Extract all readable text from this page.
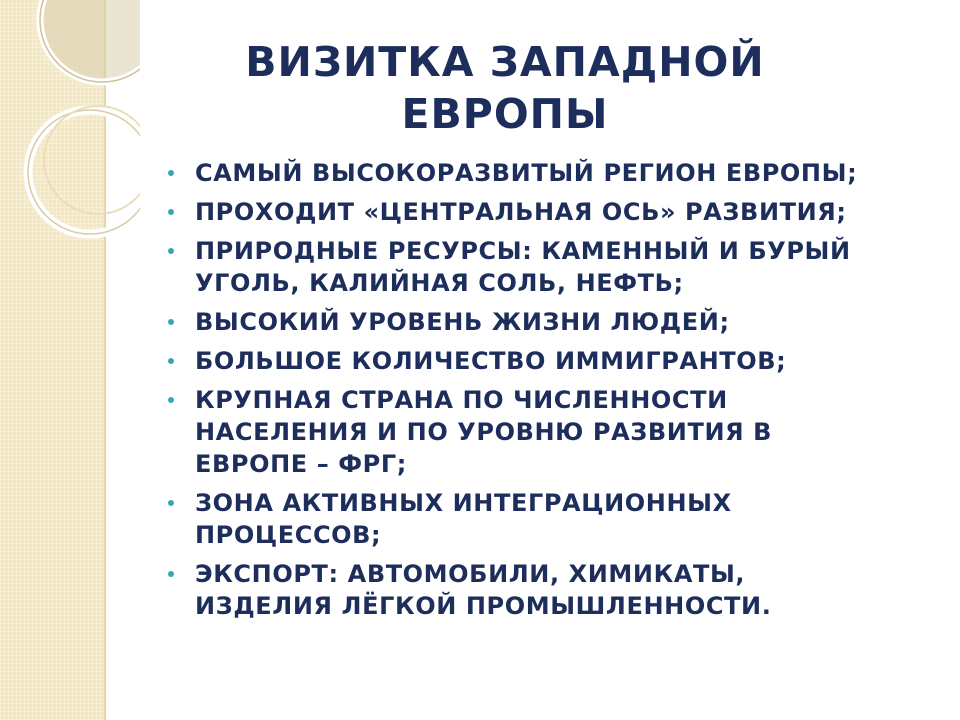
ВИЗИТКА ЗАПАДНОЙ
ЕВРОПЫ
САМЫЙ ВЫСОКОРАЗВИТЫЙ РЕГИОН ЕВРОПЫ;
ПРОХОДИТ «ЦЕНТРАЛЬНАЯ ОСЬ» РАЗВИТИЯ;
ПРИРОДНЫЕ РЕСУРСЫ: КАМЕННЫЙ И БУРЫЙ
УГОЛЬ, КАЛИЙНАЯ СОЛЬ, НЕФТЬ;
ВЫСОКИЙ УРОВЕНЬ ЖИЗНИ ЛЮДЕЙ;
БОЛЬШОЕ КОЛИЧЕСТВО ИММИГРАНТОВ;
КРУПНАЯ СТРАНА ПО ЧИСЛЕННОСТИ
НАСЕЛЕНИЯ И ПО УРОВНЮ РАЗВИТИЯ В
ЕВРОПЕ – ФРГ;
ЗОНА АКТИВНЫХ ИНТЕГРАЦИОННЫХ
ПРОЦЕССОВ;
ЭКСПОРТ: АВТОМОБИЛИ, ХИМИКАТЫ,
ИЗДЕЛИЯ ЛЁГКОЙ ПРОМЫШЛЕННОСТИ.
